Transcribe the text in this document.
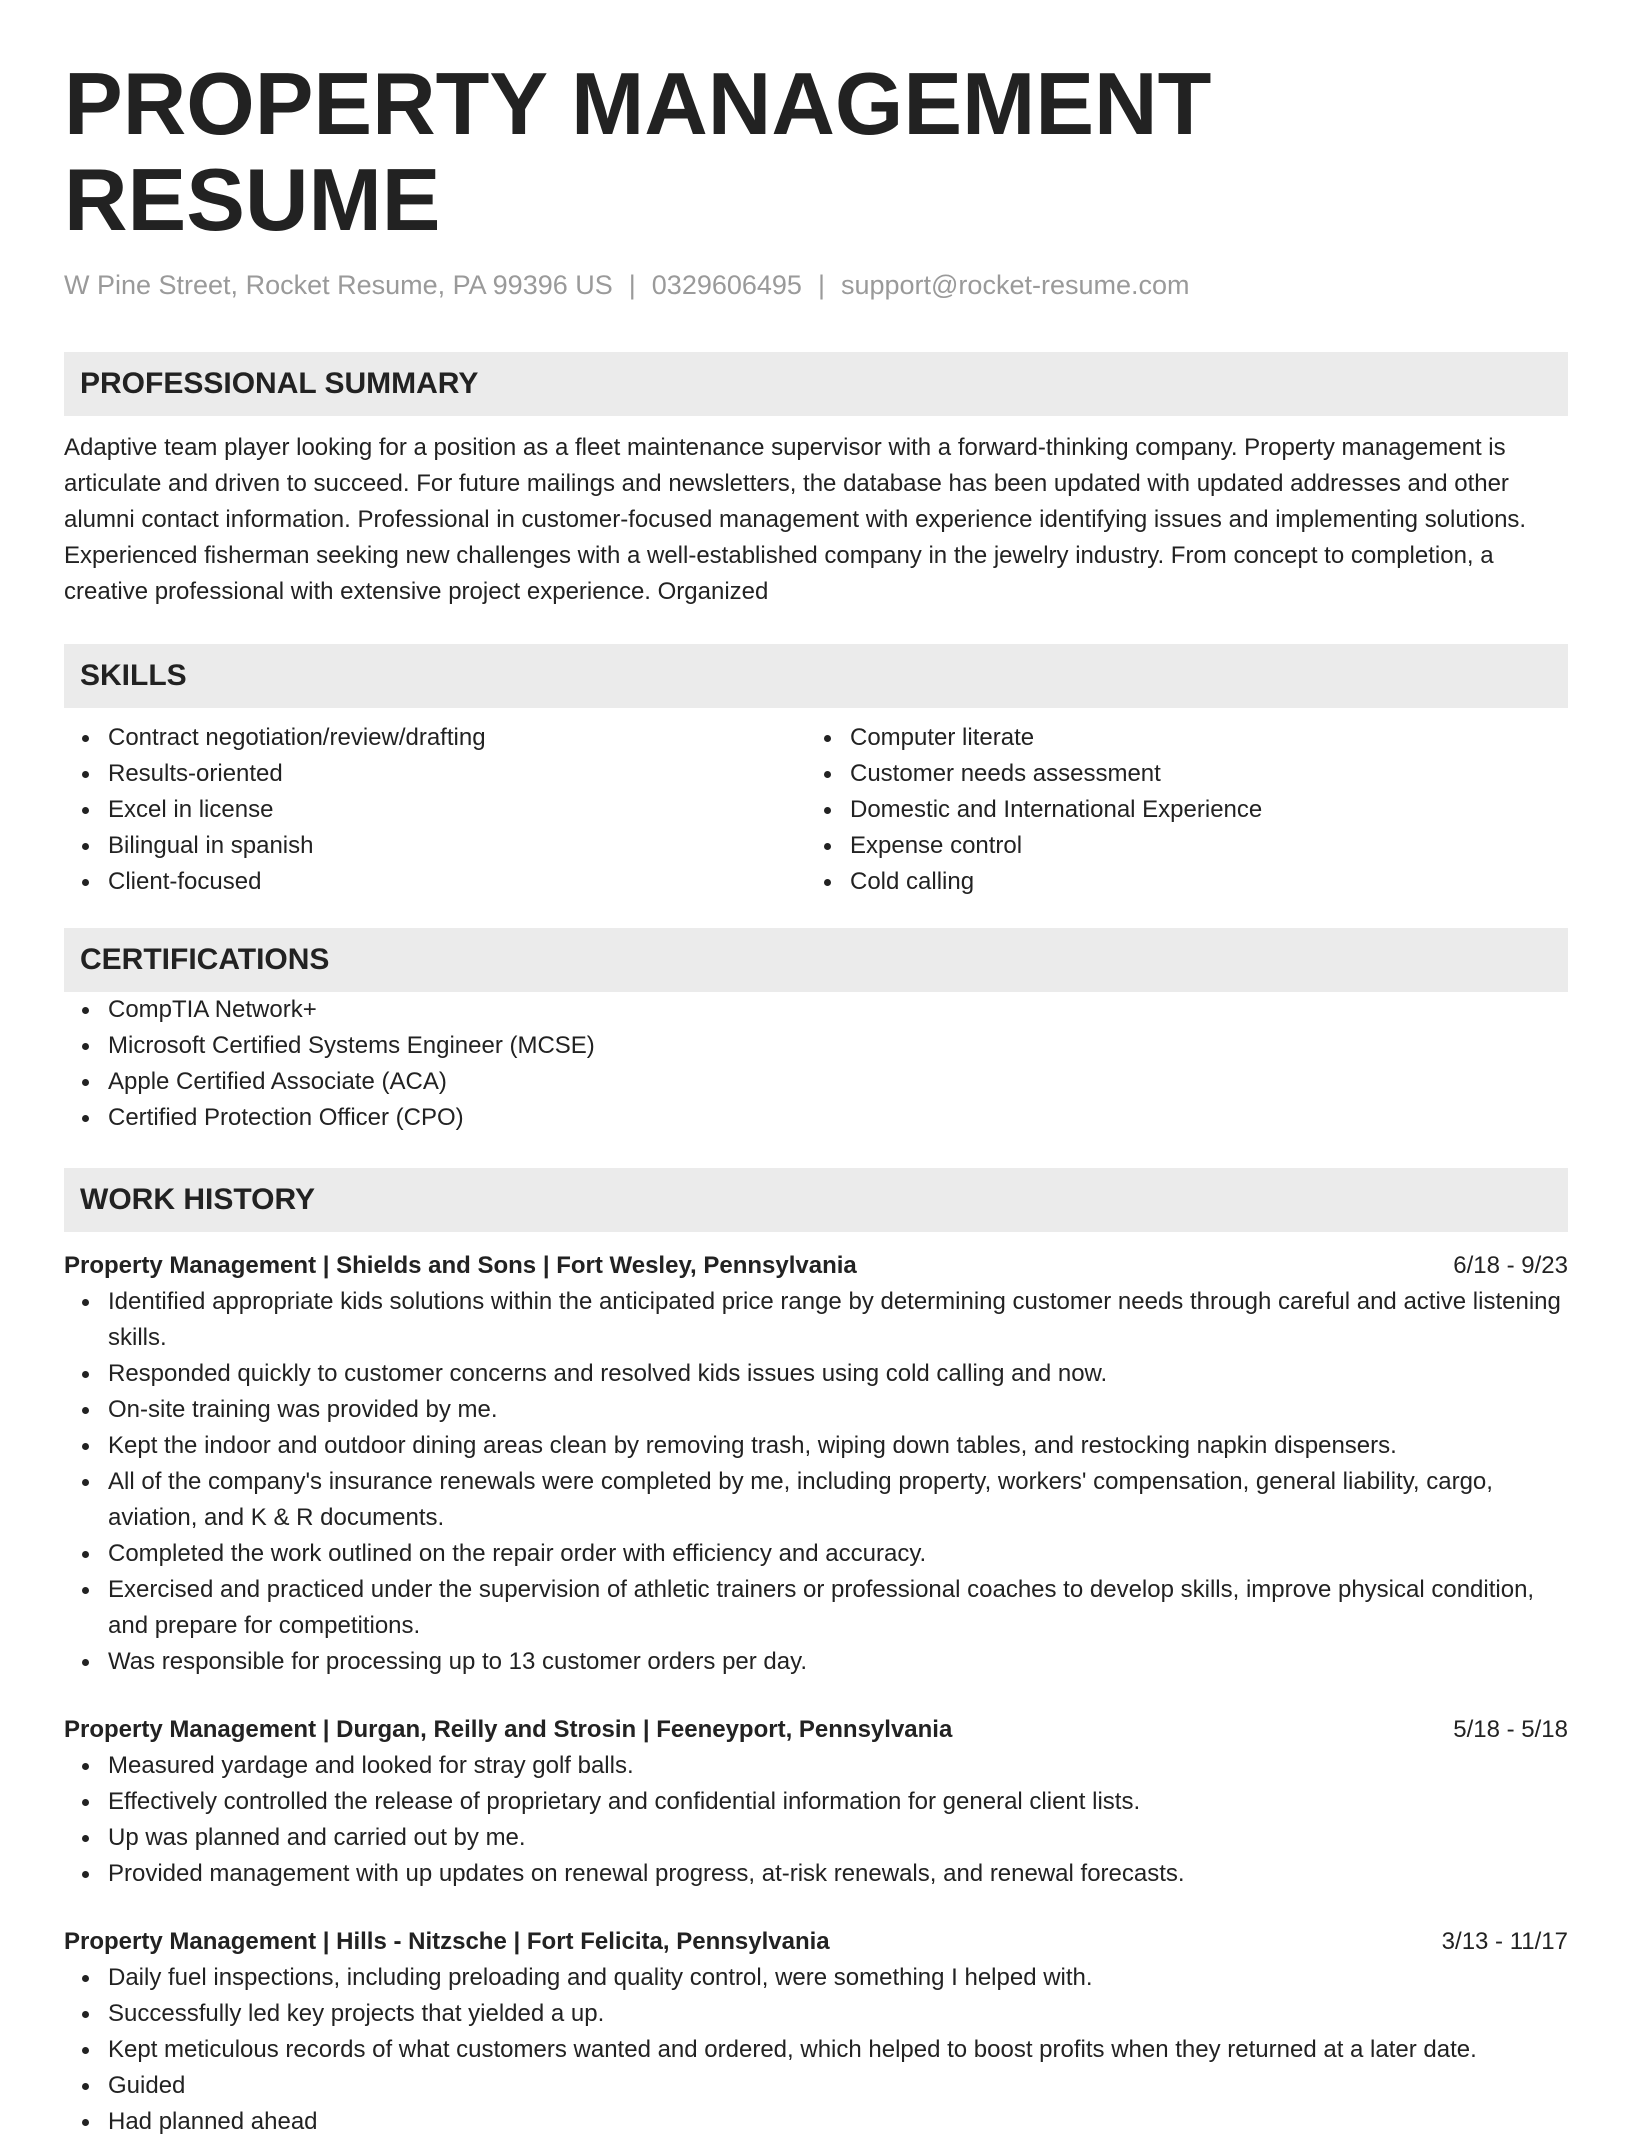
PROPERTY MANAGEMENT RESUME
W Pine Street, Rocket Resume, PA 99396 US | 0329606495 | support@rocket-resume.com
PROFESSIONAL SUMMARY
Adaptive team player looking for a position as a fleet maintenance supervisor with a forward-thinking company. Property management is articulate and driven to succeed. For future mailings and newsletters, the database has been updated with updated addresses and other alumni contact information. Professional in customer-focused management with experience identifying issues and implementing solutions. Experienced fisherman seeking new challenges with a well-established company in the jewelry industry. From concept to completion, a creative professional with extensive project experience. Organized
SKILLS
Contract negotiation/review/drafting
Results-oriented
Excel in license
Bilingual in spanish
Client-focused
Computer literate
Customer needs assessment
Domestic and International Experience
Expense control
Cold calling
CERTIFICATIONS
CompTIA Network+
Microsoft Certified Systems Engineer (MCSE)
Apple Certified Associate (ACA)
Certified Protection Officer (CPO)
WORK HISTORY
Property Management | Shields and Sons | Fort Wesley, Pennsylvania	6/18 - 9/23
Identified appropriate kids solutions within the anticipated price range by determining customer needs through careful and active listening skills.
Responded quickly to customer concerns and resolved kids issues using cold calling and now.
On-site training was provided by me.
Kept the indoor and outdoor dining areas clean by removing trash, wiping down tables, and restocking napkin dispensers.
All of the company's insurance renewals were completed by me, including property, workers' compensation, general liability, cargo, aviation, and K & R documents.
Completed the work outlined on the repair order with efficiency and accuracy.
Exercised and practiced under the supervision of athletic trainers or professional coaches to develop skills, improve physical condition, and prepare for competitions.
Was responsible for processing up to 13 customer orders per day.
Property Management | Durgan, Reilly and Strosin | Feeneyport, Pennsylvania	5/18 - 5/18
Measured yardage and looked for stray golf balls.
Effectively controlled the release of proprietary and confidential information for general client lists.
Up was planned and carried out by me.
Provided management with up updates on renewal progress, at-risk renewals, and renewal forecasts.
Property Management | Hills - Nitzsche | Fort Felicita, Pennsylvania	3/13 - 11/17
Daily fuel inspections, including preloading and quality control, were something I helped with.
Successfully led key projects that yielded a up.
Kept meticulous records of what customers wanted and ordered, which helped to boost profits when they returned at a later date.
Guided
Had planned ahead
